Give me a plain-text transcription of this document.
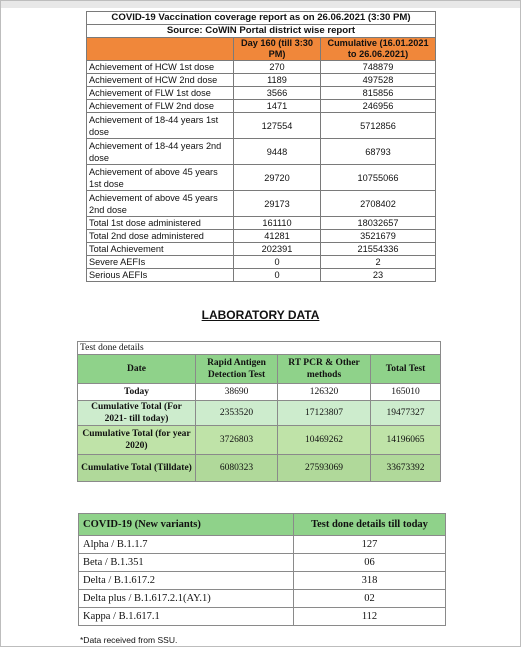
COVID-19 Vaccination coverage report as on 26.06.2021 (3:30 PM)		
Source: CoWIN Portal district wise report		
	Day 160 (till 3:30 PM)	Cumulative (16.01.2021 to 26.06.2021)
Achievement of HCW 1st dose	270	748879
Achievement of HCW 2nd dose	1189	497528
Achievement of FLW 1st dose	3566	815856
Achievement of FLW 2nd dose	1471	246956
Achievement of 18-44 years 1st dose	127554	5712856
Achievement of 18-44 years 2nd dose	9448	68793
Achievement of above 45 years 1st dose	29720	10755066
Achievement of above 45 years 2nd dose	29173	2708402
Total 1st dose administered	161110	18032657
Total 2nd dose administered	41281	3521679
Total Achievement	202391	21554336
Severe AEFIs	0	2
Serious AEFIs	0	23
LABORATORY DATA
Test done details			
Date	Rapid Antigen Detection Test	RT PCR & Other methods	Total Test
Today	38690	126320	165010
Cumulative Total (For 2021- till today)	2353520	17123807	19477327
Cumulative Total (for year 2020)	3726803	10469262	14196065
Cumulative Total (Tilldate)	6080323	27593069	33673392
COVID-19 (New variants)	Test done details till today
Alpha / B.1.1.7	127
Beta / B.1.351	06
Delta / B.1.617.2	318
Delta plus / B.1.617.2.1(AY.1)	02
Kappa / B.1.617.1	112
*Data received from SSU.
